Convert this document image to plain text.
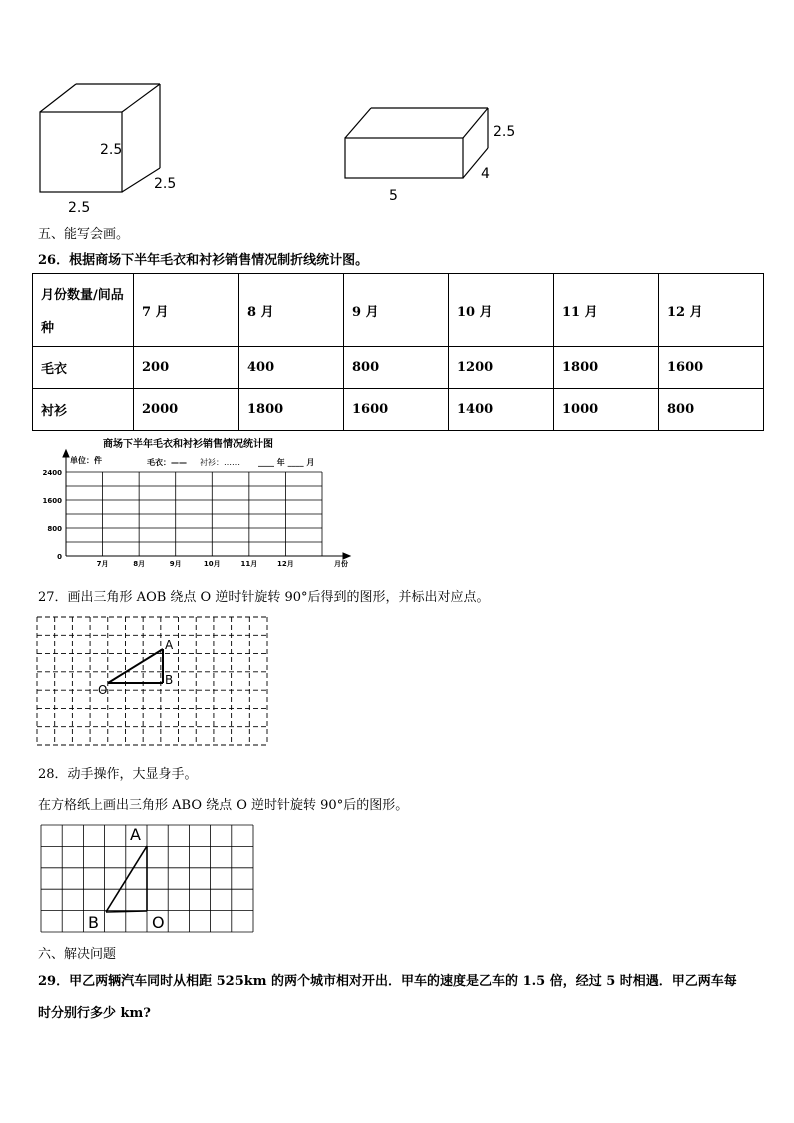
2.5
2.5
2.5
2.5
4
5
五、能写会画。
26．根据商场下半年毛衣和衬衫销售情况制折线统计图。
月份数量/间品
种	7 月	8 月	9 月	10 月	11 月	12 月
毛衣	200	400	800	1200	1800	1600
衬衫	2000	1800	1600	1400	1000	800
商场下半年毛衣和衬衫销售情况统计图
单位：件	毛衣：—— 衬衫：…… ____ 年 ____ 月
2400
1600
800
0
7月	8月	9月	10月	11月	12月	月份
27．画出三角形 AOB 绕点 O 逆时针旋转 90°后得到的图形，并标出对应点。
A
B
O
28．动手操作，大显身手。
在方格纸上画出三角形 ABO 绕点 O 逆时针旋转 90°后的图形。
A
B	O
六、解决问题
29．甲乙两辆汽车同时从相距 525km 的两个城市相对开出．甲车的速度是乙车的 1.5 倍，经过 5 时相遇．甲乙两车每
时分别行多少 km?
